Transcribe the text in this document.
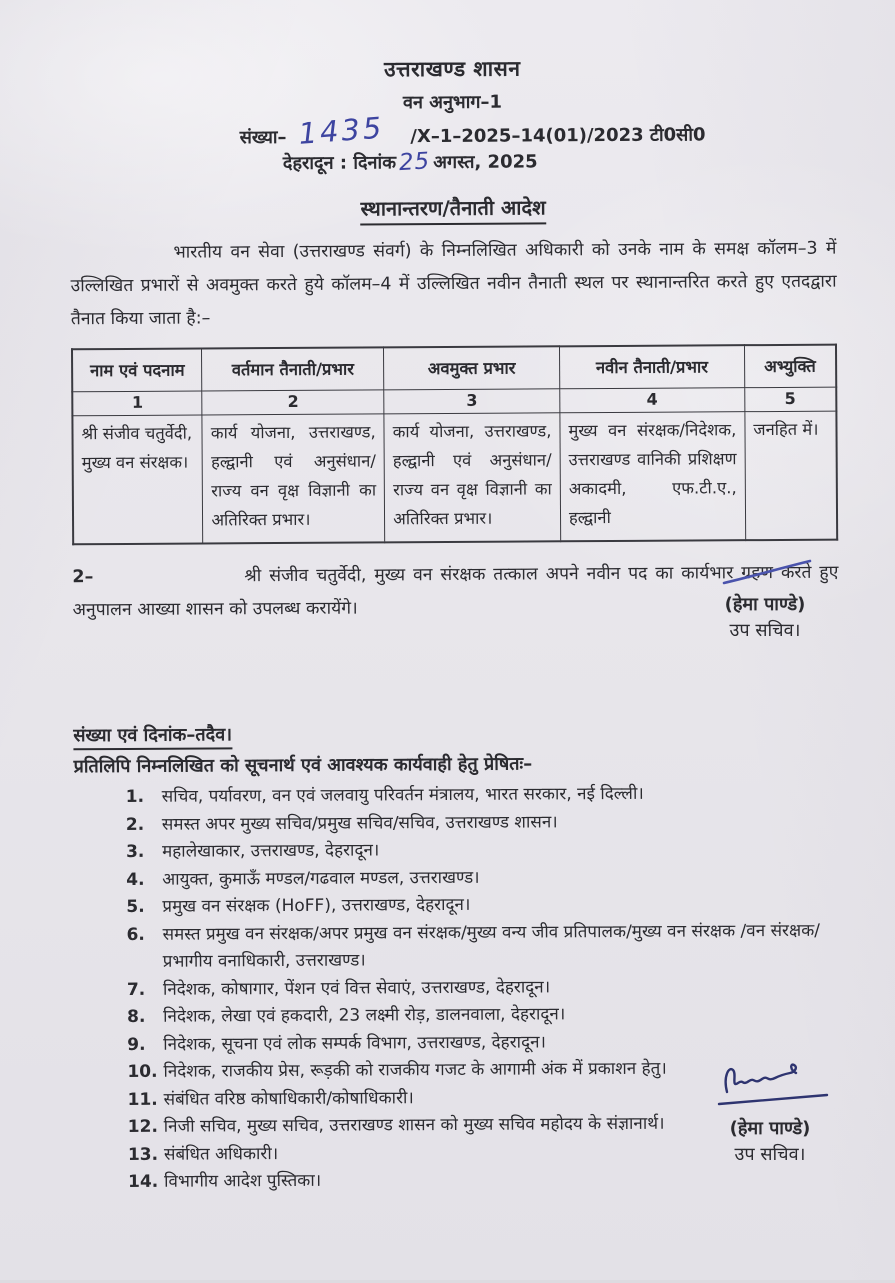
उत्तराखण्ड शासन
वन अनुभाग–1
संख्या– 1435 /X–1–2025–14(01)/2023 टी0सी0
देहरादून : दिनांक25 अगस्त, 2025
स्थानान्तरण/तैनाती आदेश

भारतीय वन सेवा (उत्तराखण्ड संवर्ग) के निम्नलिखित अधिकारी को उनके नाम के समक्ष कॉलम–3 में उल्लिखित प्रभारों से अवमुक्त करते हुये कॉलम–4 में उल्लिखित नवीन तैनाती स्थल पर स्थानान्तरित करते हुए एतदद्वारा तैनात किया जाता है:–

नाम एवं पदनाम	वर्तमान तैनाती/प्रभार	अवमुक्त प्रभार	नवीन तैनाती/प्रभार	अभ्युक्ति
1	2	3	4	5
श्री संजीव चतुर्वेदी, मुख्य वन संरक्षक।	कार्य योजना, उत्तराखण्ड, हल्द्वानी एवं अनुसंधान/ राज्य वन वृक्ष विज्ञानी का अतिरिक्त प्रभार।	कार्य योजना, उत्तराखण्ड, हल्द्वानी एवं अनुसंधान/ राज्य वन वृक्ष विज्ञानी का अतिरिक्त प्रभार।	मुख्य वन संरक्षक/निदेशक, उत्तराखण्ड वानिकी प्रशिक्षण अकादमी, एफ.टी.ए., हल्द्वानी	जनहित में।

2–	श्री संजीव चतुर्वेदी, मुख्य वन संरक्षक तत्काल अपने नवीन पद का कार्यभार ग्रहण करते हुए अनुपालन आख्या शासन को उपलब्ध करायेंगे।

संख्या एवं दिनांक–तदैव।
प्रतिलिपि निम्नलिखित को सूचनार्थ एवं आवश्यक कार्यवाही हेतु प्रेषितः–
1.	सचिव, पर्यावरण, वन एवं जलवायु परिवर्तन मंत्रालय, भारत सरकार, नई दिल्ली।
2.	समस्त अपर मुख्य सचिव/प्रमुख सचिव/सचिव, उत्तराखण्ड शासन।
3.	महालेखाकार, उत्तराखण्ड, देहरादून।
4.	आयुक्त, कुमाऊँ मण्डल/गढवाल मण्डल, उत्तराखण्ड।
5.	प्रमुख वन संरक्षक (HoFF), उत्तराखण्ड, देहरादून।
6.	समस्त प्रमुख वन संरक्षक/अपर प्रमुख वन संरक्षक/मुख्य वन्य जीव प्रतिपालक/मुख्य वन संरक्षक /वन संरक्षक/प्रभागीय वनाधिकारी, उत्तराखण्ड।
7.	निदेशक, कोषागार, पेंशन एवं वित्त सेवाएं, उत्तराखण्ड, देहरादून।
8.	निदेशक, लेखा एवं हकदारी, 23 लक्ष्मी रोड़, डालनवाला, देहरादून।
9.	निदेशक, सूचना एवं लोक सम्पर्क विभाग, उत्तराखण्ड, देहरादून।
10. निदेशक, राजकीय प्रेस, रूड़की को राजकीय गजट के आगामी अंक में प्रकाशन हेतु।
11. संबंधित वरिष्ठ कोषाधिकारी/कोषाधिकारी।
12. निजी सचिव, मुख्य सचिव, उत्तराखण्ड शासन को मुख्य सचिव महोदय के संज्ञानार्थ।
13. संबंधित अधिकारी।
14. विभागीय आदेश पुस्तिका।
(हेमा पाण्डे)
उप सचिव।
(हेमा पाण्डे)
उप सचिव।
